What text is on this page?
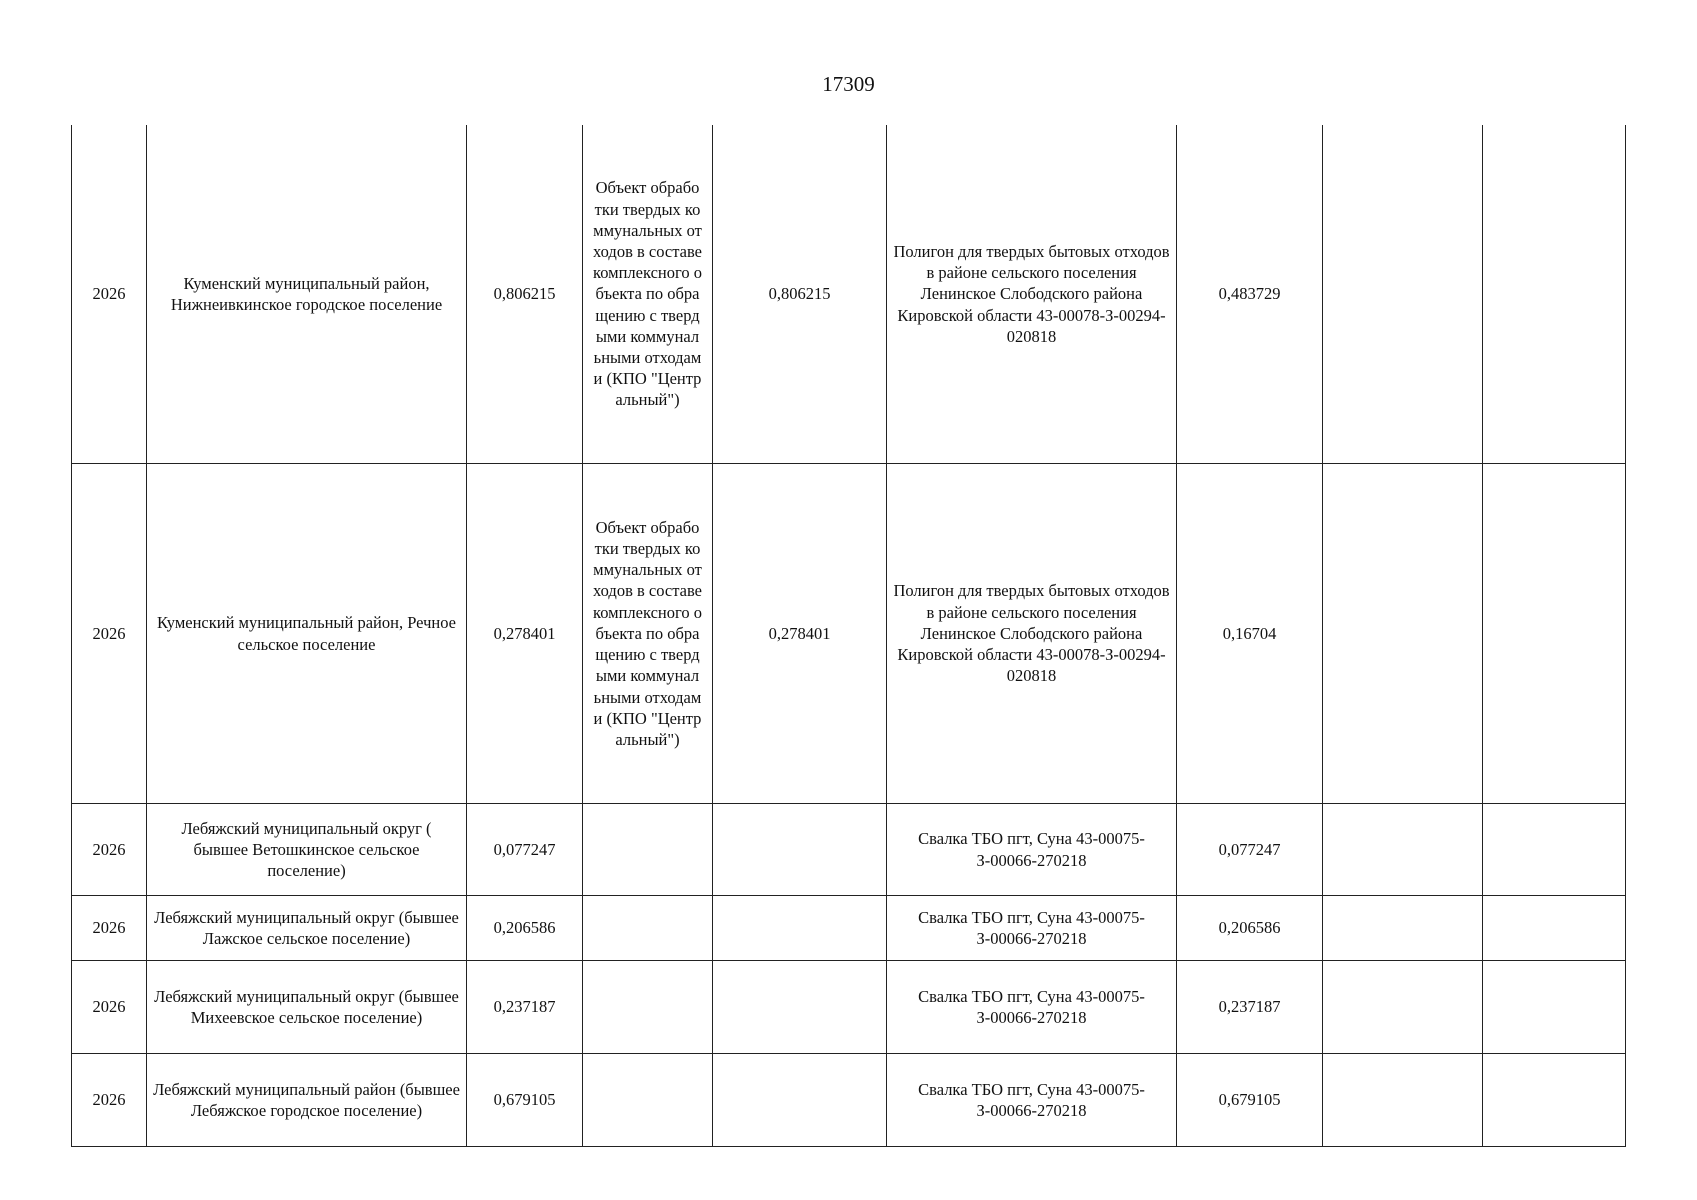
17309
2026	Куменский муниципальный район, Нижнеивкинское городское поселение	0,806215	Объект обработки твердых коммунальных отходов в составе комплексного объекта по обращению с твердыми коммунальными отходами (КПО "Центральный")	0,806215	Полигон для твердых бытовых отходов в районе сельского поселения Ленинское Слободского района Кировской области 43-00078-З-00294-020818	0,483729		
2026	Куменский муниципальный район, Речное сельское поселение	0,278401	Объект обработки твердых коммунальных отходов в составе комплексного объекта по обращению с твердыми коммунальными отходами (КПО "Центральный")	0,278401	Полигон для твердых бытовых отходов в районе сельского поселения Ленинское Слободского района Кировской области 43-00078-З-00294-020818	0,16704		
2026	Лебяжский муниципальный округ ( бывшее Ветошкинское сельское поселение)	0,077247			Свалка ТБО пгт, Суна 43-00075-З-00066-270218	0,077247		
2026	Лебяжский муниципальный округ (бывшее Лажское сельское поселение)	0,206586			Свалка ТБО пгт, Суна 43-00075-З-00066-270218	0,206586		
2026	Лебяжский муниципальный округ (бывшее Михеевское сельское поселение)	0,237187			Свалка ТБО пгт, Суна 43-00075-З-00066-270218	0,237187		
2026	Лебяжский муниципальный район (бывшее Лебяжское городское поселение)	0,679105			Свалка ТБО пгт, Суна 43-00075-З-00066-270218	0,679105		
